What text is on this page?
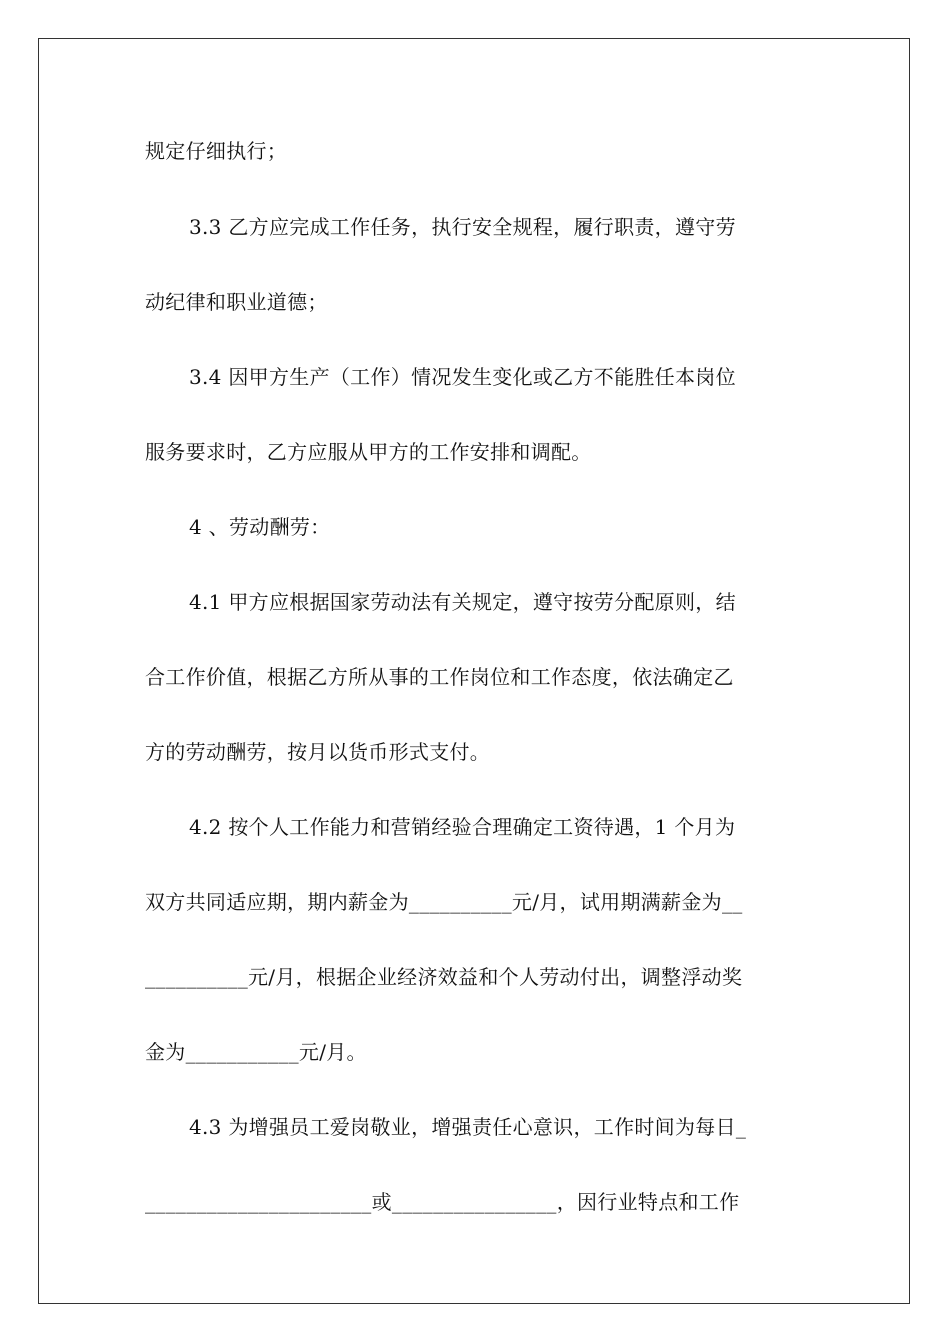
规定仔细执行；
3.3 乙方应完成工作任务，执行安全规程，履行职责，遵守劳
动纪律和职业道德；
3.4 因甲方生产（工作）情况发生变化或乙方不能胜任本岗位
服务要求时，乙方应服从甲方的工作安排和调配。
4 、劳动酬劳：
4.1 甲方应根据国家劳动法有关规定，遵守按劳分配原则，结
合工作价值，根据乙方所从事的工作岗位和工作态度，依法确定乙
方的劳动酬劳，按月以货币形式支付。
4.2 按个人工作能力和营销经验合理确定工资待遇，1 个月为
双方共同适应期，期内薪金为__________元/月，试用期满薪金为__
__________元/月，根据企业经济效益和个人劳动付出，调整浮动奖
金为___________元/月。
4.3 为增强员工爱岗敬业，增强责任心意识，工作时间为每日_
______________________或________________，因行业特点和工作
